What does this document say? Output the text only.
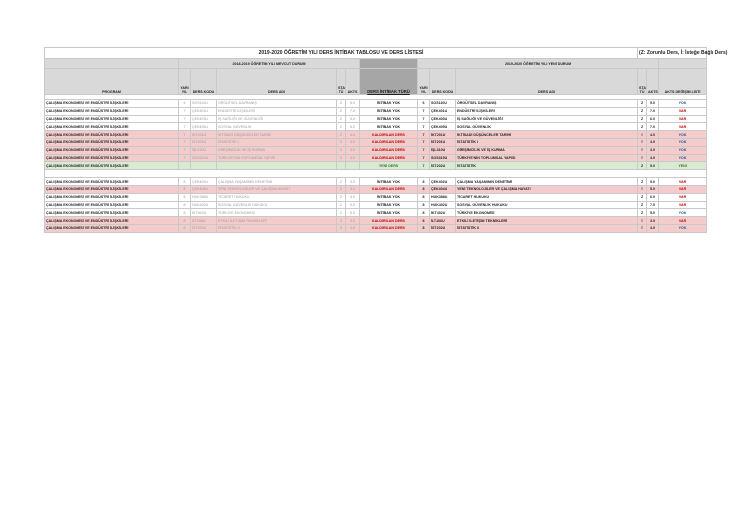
2019-2020 ÖĞRETİM YILI DERS İNTİBAK TABLOSU VE DERS LİSTESİ										(Z: Zorunlu Ders, İ: İsteğe Bağlı Ders)		
	2018-2019 ÖĞRETİM YILI MEVCUT DURUM						2019-2020 ÖĞRETİM YILI YENİ DURUM					
PROGRAM	YARI YIL	DERS KODU	DERS ADI	STA TÜ	AKTS	DERS İNTİBAK TÜRÜ	YARI YIL	DERS KODU	DERS ADI	STA TÜ	AKTS	AKTS DEĞİŞİM LİSTİ

ÇALIŞMA EKONOMİSİ VE ENDÜSTRİ İLİŞKİLERİ	6	SOS110U	ÖRGÜTSEL DAVRANIŞ	Z	5.0	İNTİBAK YOK	6	SOS110U	ÖRGÜTSEL DAVRANIŞ	Z	5.0	YOK
ÇALIŞMA EKONOMİSİ VE ENDÜSTRİ İLİŞKİLERİ	7	ÇEK401U	ENDÜSTRİ İLİŞKİLERİ	Z	7.0	İNTİBAK YOK	7	ÇEK401U	ENDÜSTRİ İLİŞKİLERİ	Z	7.0	VAR
ÇALIŞMA EKONOMİSİ VE ENDÜSTRİ İLİŞKİLERİ	7	ÇEK403U	İŞ SAĞLIĞI VE GÜVENLİĞİ	Z	5.0	İNTİBAK YOK	7	ÇEK403U	İŞ SAĞLIĞI VE GÜVENLİĞİ	Z	6.0	VAR
ÇALIŞMA EKONOMİSİ VE ENDÜSTRİ İLİŞKİLERİ	7	ÇEK405U	SOSYAL GÜVENLİK	Z	5.0	İNTİBAK YOK	7	ÇEK405U	SOSYAL GÜVENLİK	Z	7.0	VAR
ÇALIŞMA EKONOMİSİ VE ENDÜSTRİ İLİŞKİLERİ	7	İKT201U	İKTİSADİ DÜŞÜNCELER TARİHİ	Z	4.0	KALDIRILAN DERS	7	İKT201U	İKTİSADİ DÜŞÜNCELER TARİHİ	İ	4.0	YOK
ÇALIŞMA EKONOMİSİ VE ENDÜSTRİ İLİŞKİLERİ	7	İST201U	İSTATİSTİK I	Z	4.0	KALDIRILAN DERS	7	İST201U	İSTATİSTİK I	İ	4.0	YOK
ÇALIŞMA EKONOMİSİ VE ENDÜSTRİ İLİŞKİLERİ	7	İŞL310U	GİRİŞİMCİLİK VE İŞ KURMA	Z	3.0	KALDIRILAN DERS	7	İŞL310U	GİRİŞİMCİLİK VE İŞ KURMA	İ	3.0	YOK
ÇALIŞMA EKONOMİSİ VE ENDÜSTRİ İLİŞKİLERİ	7	SOS319U	TÜRKİYE'NİN TOPLUMSAL YAPISI	Z	4.0	KALDIRILAN DERS	7	SOS319U	TÜRKİYE'NİN TOPLUMSAL YAPISI	İ	4.0	YOK
ÇALIŞMA EKONOMİSİ VE ENDÜSTRİ İLİŞKİLERİ						YENİ DERS	7	İST202U	İSTATİSTİK	Z	5.0	YENİ

ÇALIŞMA EKONOMİSİ VE ENDÜSTRİ İLİŞKİLERİ	8	ÇEK402U	ÇALIŞMA YAŞAMININ DENETİMİ	Z	4.0	İNTİBAK YOK	8	ÇEK402U	ÇALIŞMA YAŞAMININ DENETİMİ	Z	5.0	VAR
ÇALIŞMA EKONOMİSİ VE ENDÜSTRİ İLİŞKİLERİ	8	ÇEK404U	YENİ TEKNOLOJİLER VE ÇALIŞMA HAYATI	Z	3.0	KALDIRILAN DERS	8	ÇEK404U	YENİ TEKNOLOJİLER VE ÇALIŞMA HAYATI	İ	5.0	VAR
ÇALIŞMA EKONOMİSİ VE ENDÜSTRİ İLİŞKİLERİ	8	HUK388U	TİCARET HUKUKU	Z	4.0	İNTİBAK YOK	8	HUK388U	TİCARET HUKUKU	Z	6.0	VAR
ÇALIŞMA EKONOMİSİ VE ENDÜSTRİ İLİŞKİLERİ	8	HUK402U	SOSYAL GÜVENLİK HUKUKU	Z	5.0	İNTİBAK YOK	8	HUK402U	SOSYAL GÜVENLİK HUKUKU	Z	7.0	VAR
ÇALIŞMA EKONOMİSİ VE ENDÜSTRİ İLİŞKİLERİ	8	İKT402U	TÜRKİYE EKONOMİSİ	Z	5.0	İNTİBAK YOK	8	İKT402U	TÜRKİYE EKONOMİSİ	Z	5.0	YOK
ÇALIŞMA EKONOMİSİ VE ENDÜSTRİ İLİŞKİLERİ	8	İLT106U	ETKİLİ İLETİŞİM TEKNİKLERİ	Z	3.0	KALDIRILAN DERS	8	İLT106U	ETKİLİ İLETİŞİM TEKNİKLERİ	İ	3.0	VAR
ÇALIŞMA EKONOMİSİ VE ENDÜSTRİ İLİŞKİLERİ	8	İST202U	İSTATİSTİK II	Z	4.0	KALDIRILAN DERS	8	İST202U	İSTATİSTİK II	İ	4.0	YOK
